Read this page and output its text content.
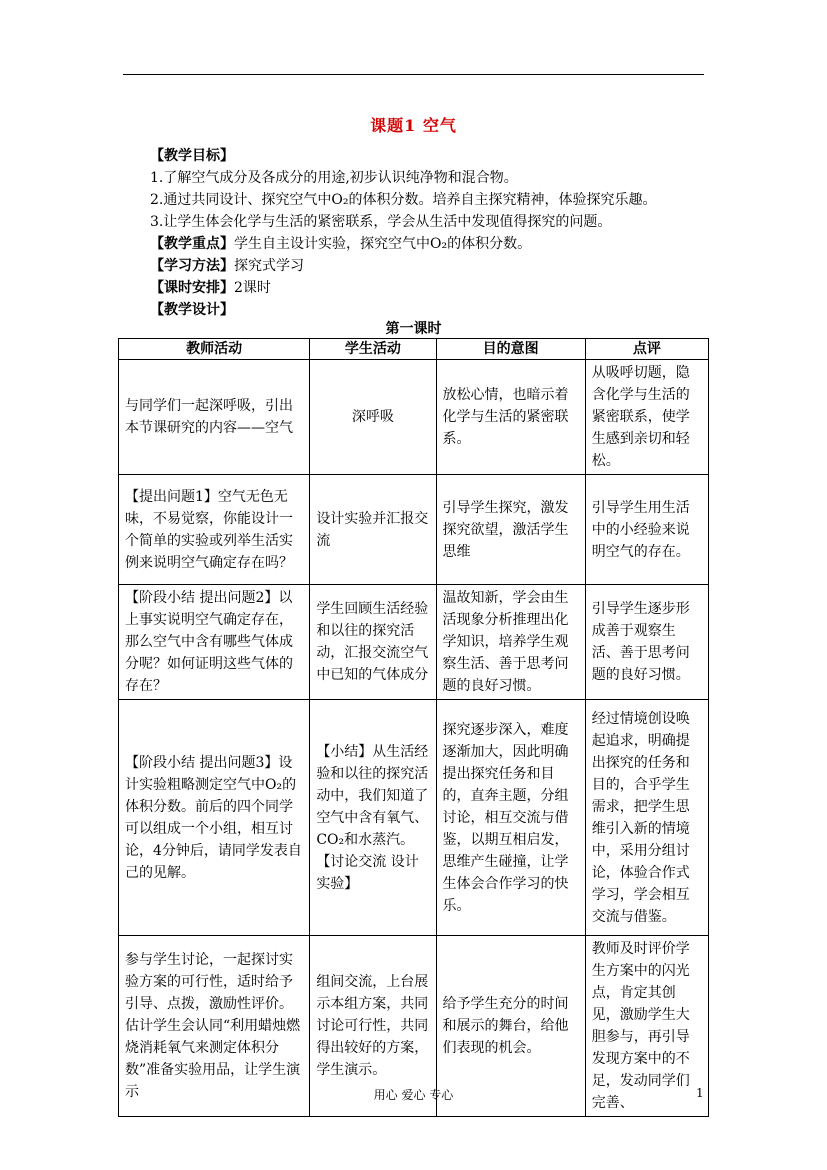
课题1 空气
【教学目标】
1.了解空气成分及各成分的用途,初步认识纯净物和混合物。
2.通过共同设计、探究空气中O₂的体积分数。培养自主探究精神，体验探究乐趣。
3.让学生体会化学与生活的紧密联系，学会从生活中发现值得探究的问题。
【教学重点】学生自主设计实验，探究空气中O₂的体积分数。
【学习方法】探究式学习
【课时安排】2课时
【教学设计】
第一课时
教师活动	学生活动	目的意图	点评
与同学们一起深呼吸，引出本节课研究的内容——空气	深呼吸	放松心情，也暗示着化学与生活的紧密联系。	从吸呼切题，隐含化学与生活的紧密联系，使学生感到亲切和轻松。
【提出问题1】空气无色无味，不易觉察，你能设计一个简单的实验或列举生活实例来说明空气确定存在吗？	设计实验并汇报交流	引导学生探究，激发探究欲望，激活学生思维	引导学生用生活中的小经验来说明空气的存在。
【阶段小结 提出问题2】以上事实说明空气确定存在，那么空气中含有哪些气体成分呢？如何证明这些气体的存在？	学生回顾生活经验和以往的探究活动，汇报交流空气中已知的气体成分	温故知新，学会由生活现象分析推理出化学知识，培养学生观察生活、善于思考问题的良好习惯。	引导学生逐步形成善于观察生活、善于思考问题的良好习惯。
【阶段小结 提出问题3】设计实验粗略测定空气中O₂的体积分数。前后的四个同学可以组成一个小组，相互讨论，4分钟后，请同学发表自己的见解。	【小结】从生活经验和以往的探究活动中，我们知道了空气中含有氧气、CO₂和水蒸汽。【讨论交流 设计实验】	探究逐步深入，难度逐渐加大，因此明确提出探究任务和目的，直奔主题，分组讨论，相互交流与借鉴，以期互相启发，思维产生碰撞，让学生体会合作学习的快乐。	经过情境创设唤起追求，明确提出探究的任务和目的，合乎学生需求，把学生思维引入新的情境中，采用分组讨论，体验合作式学习，学会相互交流与借鉴。
参与学生讨论，一起探讨实验方案的可行性，适时给予引导、点拨，激励性评价。估计学生会认同“利用蜡烛燃烧消耗氧气来测定体积分数”准备实验用品，让学生演示	组间交流，上台展示本组方案，共同讨论可行性，共同得出较好的方案，学生演示。	给予学生充分的时间和展示的舞台，给他们表现的机会。	教师及时评价学生方案中的闪光点，肯定其创见，激励学生大胆参与，再引导发现方案中的不足，发动同学们完善、
用心 爱心 专心	1
